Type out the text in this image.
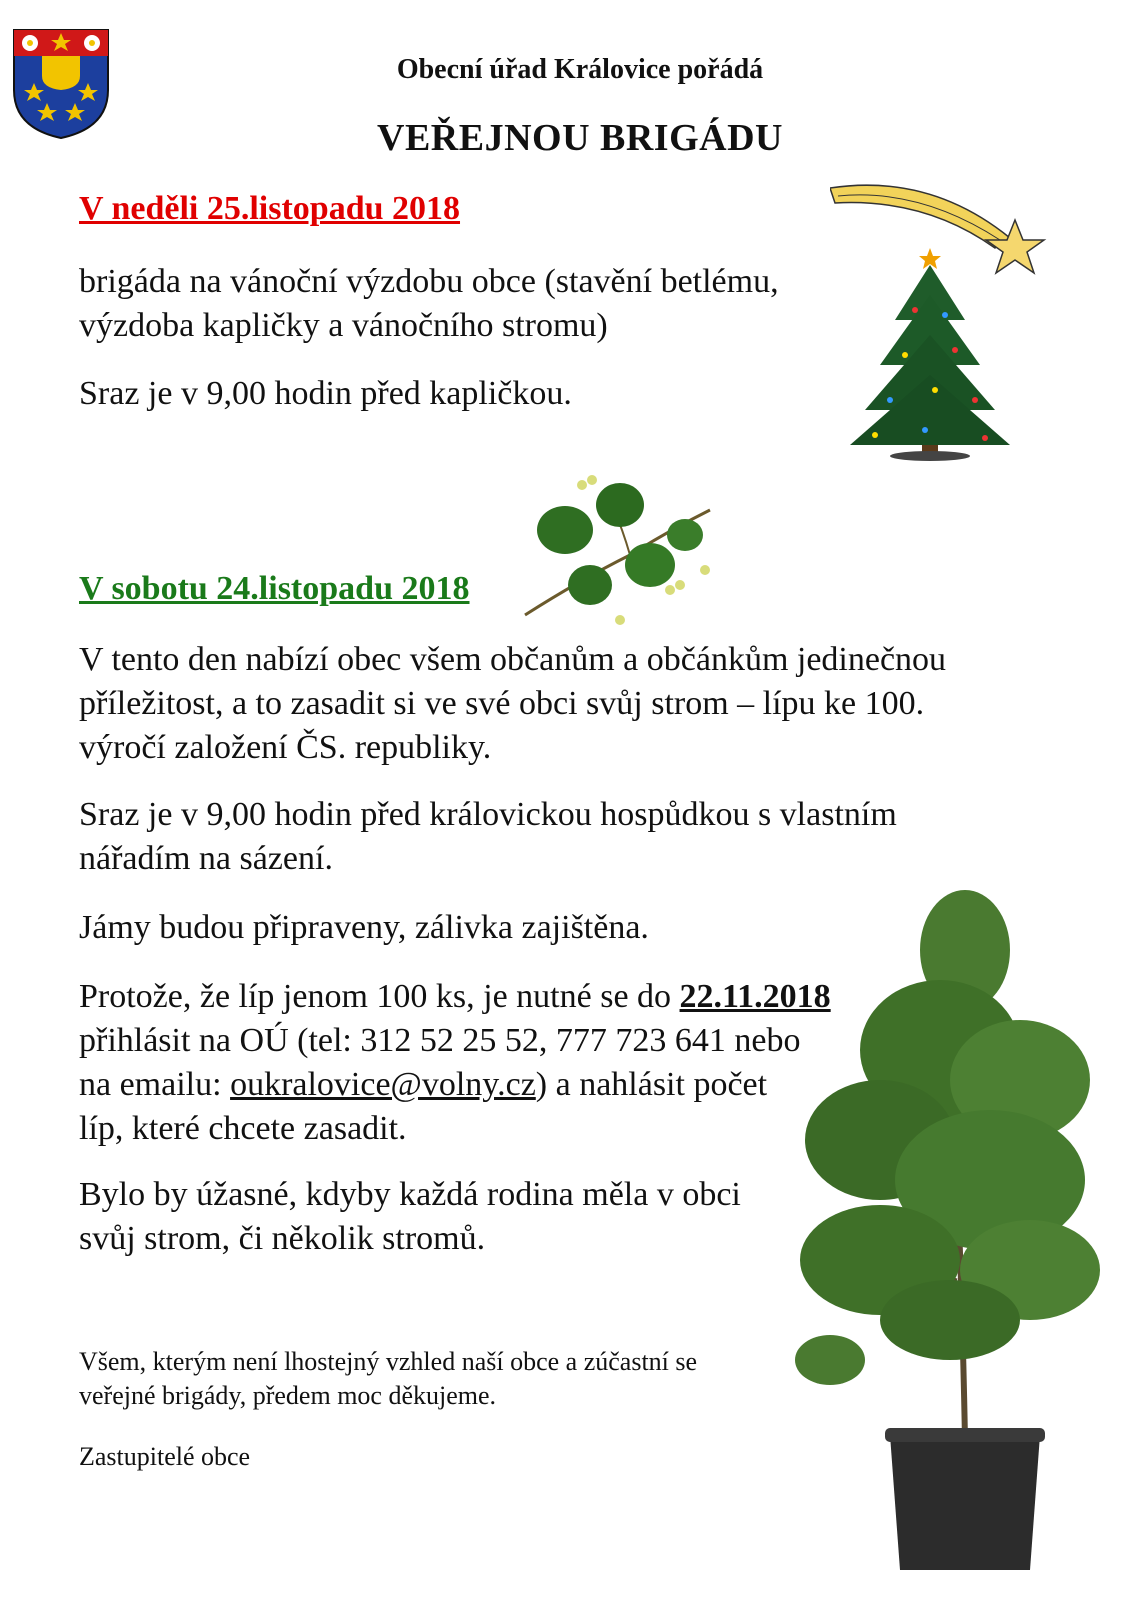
Obecní úřad Královice pořádá
VEŘEJNOU BRIGÁDU
V neděli 25.listopadu 2018
brigáda na vánoční výzdobu obce (stavění betlému,
výzdoba kapličky a vánočního stromu)
Sraz je v 9,00 hodin před kapličkou.
V sobotu 24.listopadu 2018
V tento den nabízí obec všem občanům a občánkům jedinečnou
příležitost, a to zasadit si ve své obci svůj strom – lípu ke 100.
výročí založení ČS. republiky.
Sraz je v 9,00 hodin před královickou hospůdkou s vlastním
nářadím na sázení.
Jámy budou připraveny, zálivka zajištěna.
Protože, že líp jenom 100 ks, je nutné se do 22.11.2018
přihlásit na OÚ (tel: 312 52 25 52, 777 723 641 nebo
na emailu: oukralovice@volny.cz) a nahlásit počet
líp, které chcete zasadit.
Bylo by úžasné, kdyby každá rodina měla v obci
svůj strom, či několik stromů.
Všem, kterým není lhostejný vzhled naší obce a zúčastní se
veřejné brigády, předem moc děkujeme.
Zastupitelé obce
